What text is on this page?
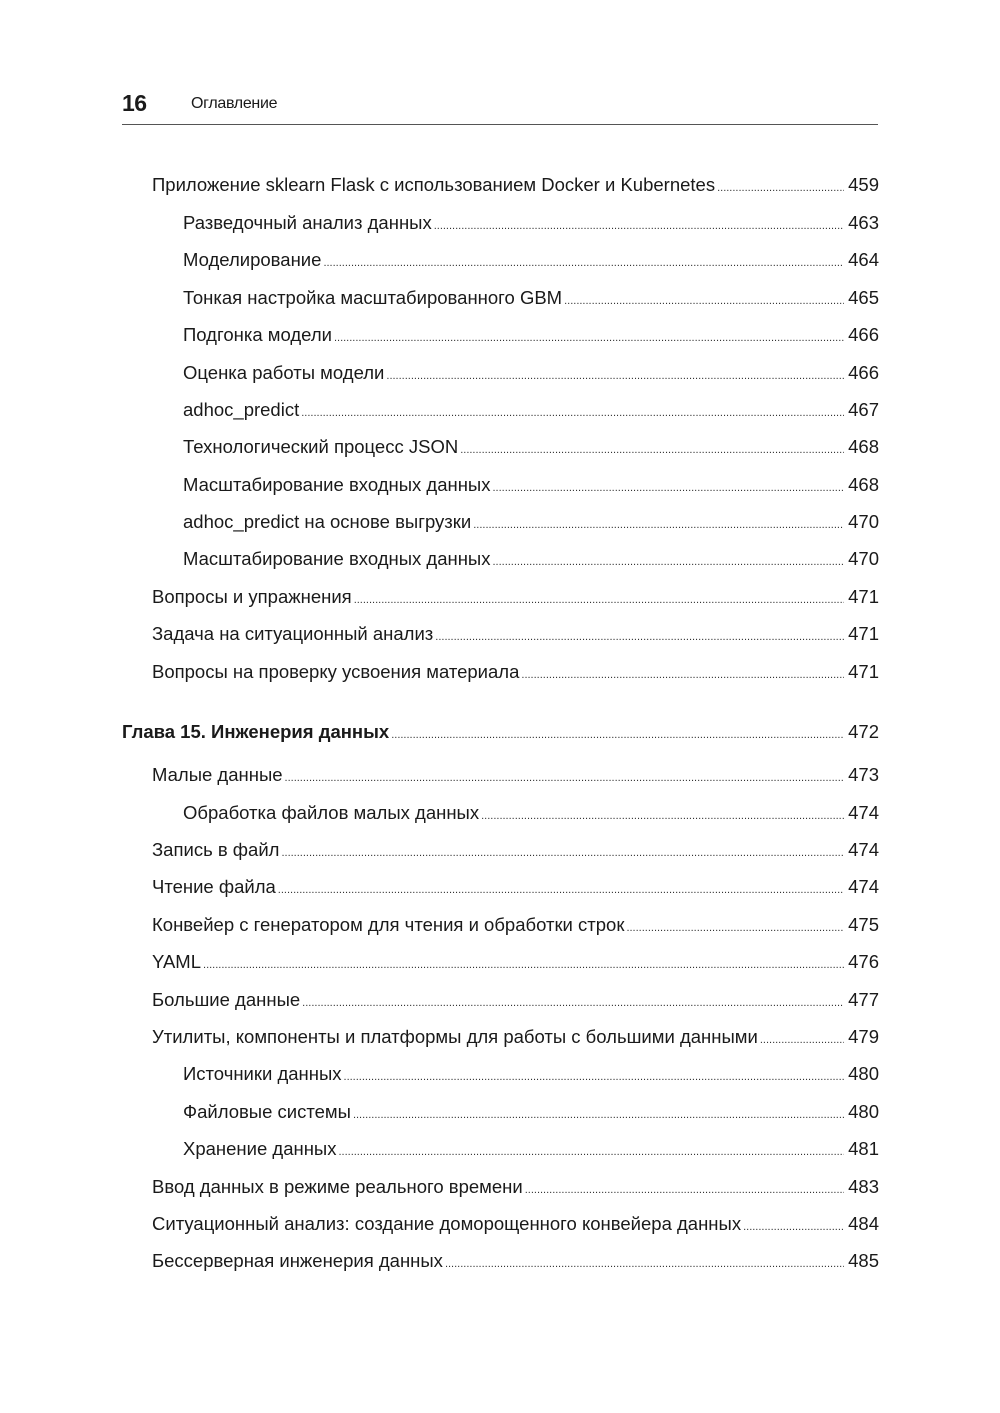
16	Оглавление
Приложение sklearn Flask с использованием Docker и Kubernetes .....	459
Разведочный анализ данных .....	463
Моделирование .....	464
Тонкая настройка масштабированного GBM .....	465
Подгонка модели .....	466
Оценка работы модели .....	466
adhoc_predict .....	467
Технологический процесс JSON .....	468
Масштабирование входных данных .....	468
adhoc_predict на основе выгрузки .....	470
Масштабирование входных данных .....	470
Вопросы и упражнения .....	471
Задача на ситуационный анализ .....	471
Вопросы на проверку усвоения материала .....	471
Глава 15. Инженерия данных .....	472
Малые данные .....	473
Обработка файлов малых данных .....	474
Запись в файл .....	474
Чтение файла .....	474
Конвейер с генератором для чтения и обработки строк .....	475
YAML .....	476
Большие данные .....	477
Утилиты, компоненты и платформы для работы с большими данными .....	479
Источники данных .....	480
Файловые системы .....	480
Хранение данных .....	481
Ввод данных в режиме реального времени .....	483
Ситуационный анализ: создание доморощенного конвейера данных .....	484
Бессерверная инженерия данных .....	485
